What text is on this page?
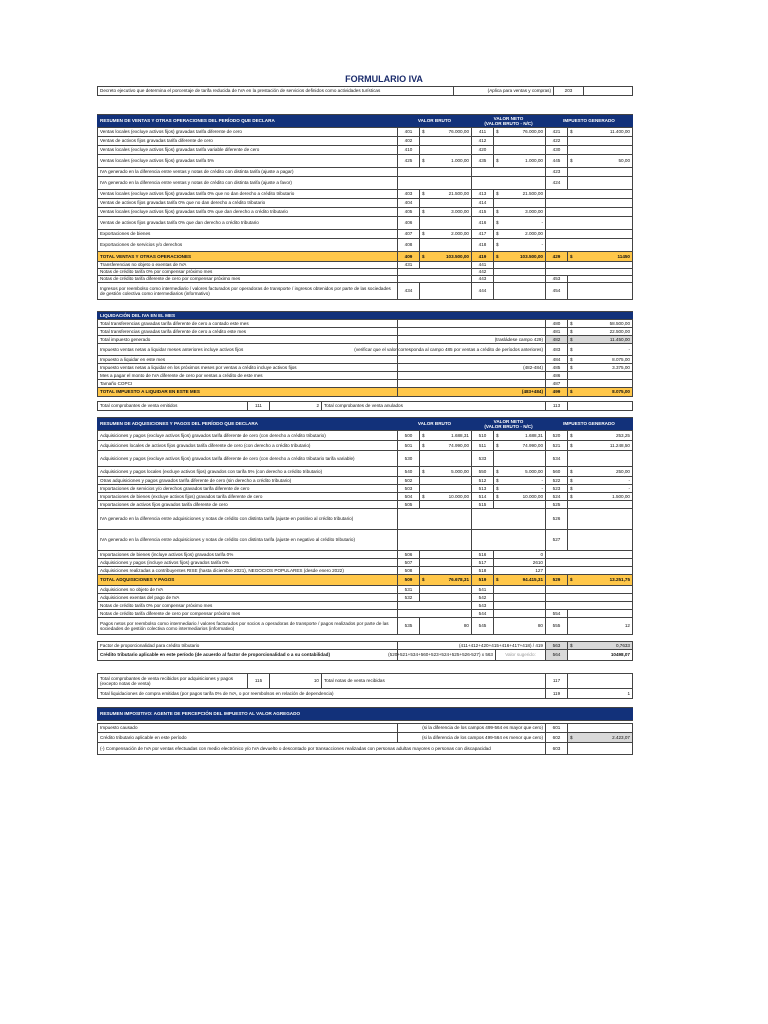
FORMULARIO IVA
Decreto ejecutivo que determina el porcentaje de tarifa reducida de IVA en la prestación de servicios definidos como actividades turísticas	(Aplica para ventas y compras)	203
RESUMEN DE VENTAS Y OTRAS OPERACIONES DEL PERÍODO QUE DECLARA	VALOR BRUTO
VALOR NETO
(VALOR BRUTO - N/C)
IMPUESTO GENERADO
Ventas locales (excluye activos fijos) gravadas tarifa diferente de cero	401	$	76.000,00	411	$	76.000,00	421	$	11.400,00
Ventas de activos fijos gravadas tarifa diferente de cero	402	412	422
Ventas locales (excluye activos fijos) gravadas tarifa variable diferente de cero	410	420	430
Ventas locales (excluye activos fijos) gravadas tarifa 5%	425	$	1.000,00	435	$	1.000,00	445	$	50,00
IVA generado en la diferencia entre ventas y notas de crédito con distinta tarifa (ajuste a pagar)	423
IVA generado en la diferencia entre ventas y notas de crédito con distinta tarifa (ajuste a favor)	424
Ventas locales (excluye activos fijos) gravadas tarifa 0% que no dan derecho a crédito tributario	403	$	21.500,00	413	$	21.500,00
Ventas de activos fijos gravadas tarifa 0% que no dan derecho a crédito tributario	404	414
Ventas locales (excluye activos fijos) gravadas tarifa 0% que dan derecho a crédito tributario	405	$	3.000,00	415	$	3.000,00
Ventas de activos fijos gravadas tarifa 0% que dan derecho a crédito tributario	406	416	$	-
Exportaciones de bienes	407	$	2.000,00	417	$	2.000,00
Exportaciones de servicios y/o derechos	408	418	$	-
TOTAL VENTAS Y OTRAS OPERACIONES	409	$	103.500,00	419	$	103.500,00	429	$	11450
Transferencias no objeto o exentas de IVA	431	441
Notas de crédito tarifa 0% por compensar próximo mes	442
Notas de crédito tarifa diferente de cero por compensar próximo mes	443	453
Ingresos por reembolso como intermediario / valores facturados por operadoras de transporte / ingresos obtenidos por parte de las sociedades de gestión colectiva como intermediarios (informativo)
434	444	454
LIQUIDACIÓN DEL IVA EN EL MES
Total transferencias gravadas tarifa diferente de cero a contado este mes	480	$	58.500,00
Total transferencias gravadas tarifa diferente de cero a crédito este mes	481	$	22.500,00
Total impuesto generado	(trasládese campo 429)	482	$	11.450,00
Impuesto ventas netas a liquidar meses anteriores incluye activos fijos	(verificar que el valor corresponda al campo 485 por ventas a crédito de períodos anteriores)	483	$	-
Impuesto a liquidar en este mes	484	$	8.075,00
Impuesto ventas netas a liquidar en los próximos meses por ventas a crédito incluye activos fijos	(482-484)	485	$	3.375,00
Mes a pagar el monto de IVA diferente de cero por ventas a crédito de este mes	486
Tamaño COPCI	487
TOTAL IMPUESTO A LIQUIDAR EN ESTE MES	(483+484)	499	$	8.075,00
Total comprobantes de venta emitidos	111	2	Total comprobantes de venta anulados	113
RESUMEN DE ADQUISICIONES Y PAGOS DEL PERÍODO QUE DECLARA	VALOR BRUTO
VALOR NETO
(VALOR BRUTO - N/C)
IMPUESTO GENERADO
Adquisiciones y pagos (excluye activos fijos) gravados tarifa diferente de cero (con derecho a crédito tributario)	500	$	1.688,31	510	$	1.688,31	520	$	253,25
Adquisiciones locales de activos fijos gravados tarifa diferente de cero (con derecho a crédito tributario)	501	$	74.990,00	511	$	74.990,00	521	$	11.248,50
Adquisiciones y pagos (excluye activos fijos) gravados tarifa diferente de cero (con derecho a crédito tributario tarifa variable)	530	533	534
Adquisiciones y pagos locales (excluye activos fijos) gravados con tarifa 5% (con derecho a crédito tributario)	540	$	5.000,00	550	$	5.000,00	560	$	250,00
Otras adquisiciones y pagos gravados tarifa diferente de cero (sin derecho a crédito tributario)	502	512	$	-	522	$	-
Importaciones de servicios y/o derechos gravados tarifa diferente de cero	503	513	$	-	523	$	-
Importaciones de bienes (excluye activos fijos) gravados tarifa diferente de cero	504	$	10.000,00	514	$	10.000,00	524	$	1.500,00
Importaciones de activos fijos gravados tarifa diferente de cero	505	515	525
IVA generado en la diferencia entre adquisiciones y notas de crédito con distinta tarifa (ajuste en positivo al crédito tributario)	526
IVA generado en la diferencia entre adquisiciones y notas de crédito con distinta tarifa (ajuste en negativo al crédito tributario)	527
Importaciones de bienes (incluye activos fijos) gravados tarifa 0%	506	516	0
Adquisiciones y pagos (incluye activos fijos) gravados tarifa 0%	507	517	2610
Adquisiciones realizadas a contribuyentes RISE (hasta diciembre 2021), NEGOCIOS POPULARES (desde enero 2022)	508	518	127
TOTAL ADQUISICIONES Y PAGOS	509	$	76.678,31	519	$	94.415,31	529	$	13.251,75
Adquisiciones no objeto de IVA	531	541
Adquisiciones exentas del pago de IVA	532	542
Notas de crédito tarifa 0% por compensar próximo mes	543
Notas de crédito tarifa diferente de cero por compensar próximo mes	544	554
Pagos netos por reembolso como intermediario / valores facturados por socios a operadoras de transporte / pagos realizados por parte de las sociedades de gestión colectiva como intermediarios (informativo)
535	80	545	80	555	12
Factor de proporcionalidad para crédito tributario	(411+412+420+415+416+417+418) / 419	563	$	0,7633
Crédito tributario aplicable en este período (de acuerdo al factor de proporcionalidad o a su contabilidad)	(520+521+534+560+523+524+525+526-527) x 563	Valor sugerido:	564	10498,07
Total comprobantes de venta recibidos por adquisiciones y pagos (excepto notas de venta)
115	10	Total notas de venta recibidas	117
Total liquidaciones de compra emitidas (por pagos tarifa 0% de IVA, o por reembolsos en relación de dependencia)	119	1
RESUMEN IMPOSITIVO: AGENTE DE PERCEPCIÓN DEL IMPUESTO AL VALOR AGREGADO
Impuesto causado	(si la diferencia de los campos 499-564 es mayor que cero)	601
Crédito tributario aplicable en este período	(si la diferencia de los campos 499-564 es menor que cero)	602	$	2.423,07
(-) Compensación de IVA por ventas efectuadas con medio electrónico y/o IVA devuelto o descontado por transacciones realizadas con personas adultas mayores o personas con discapacidad	603
